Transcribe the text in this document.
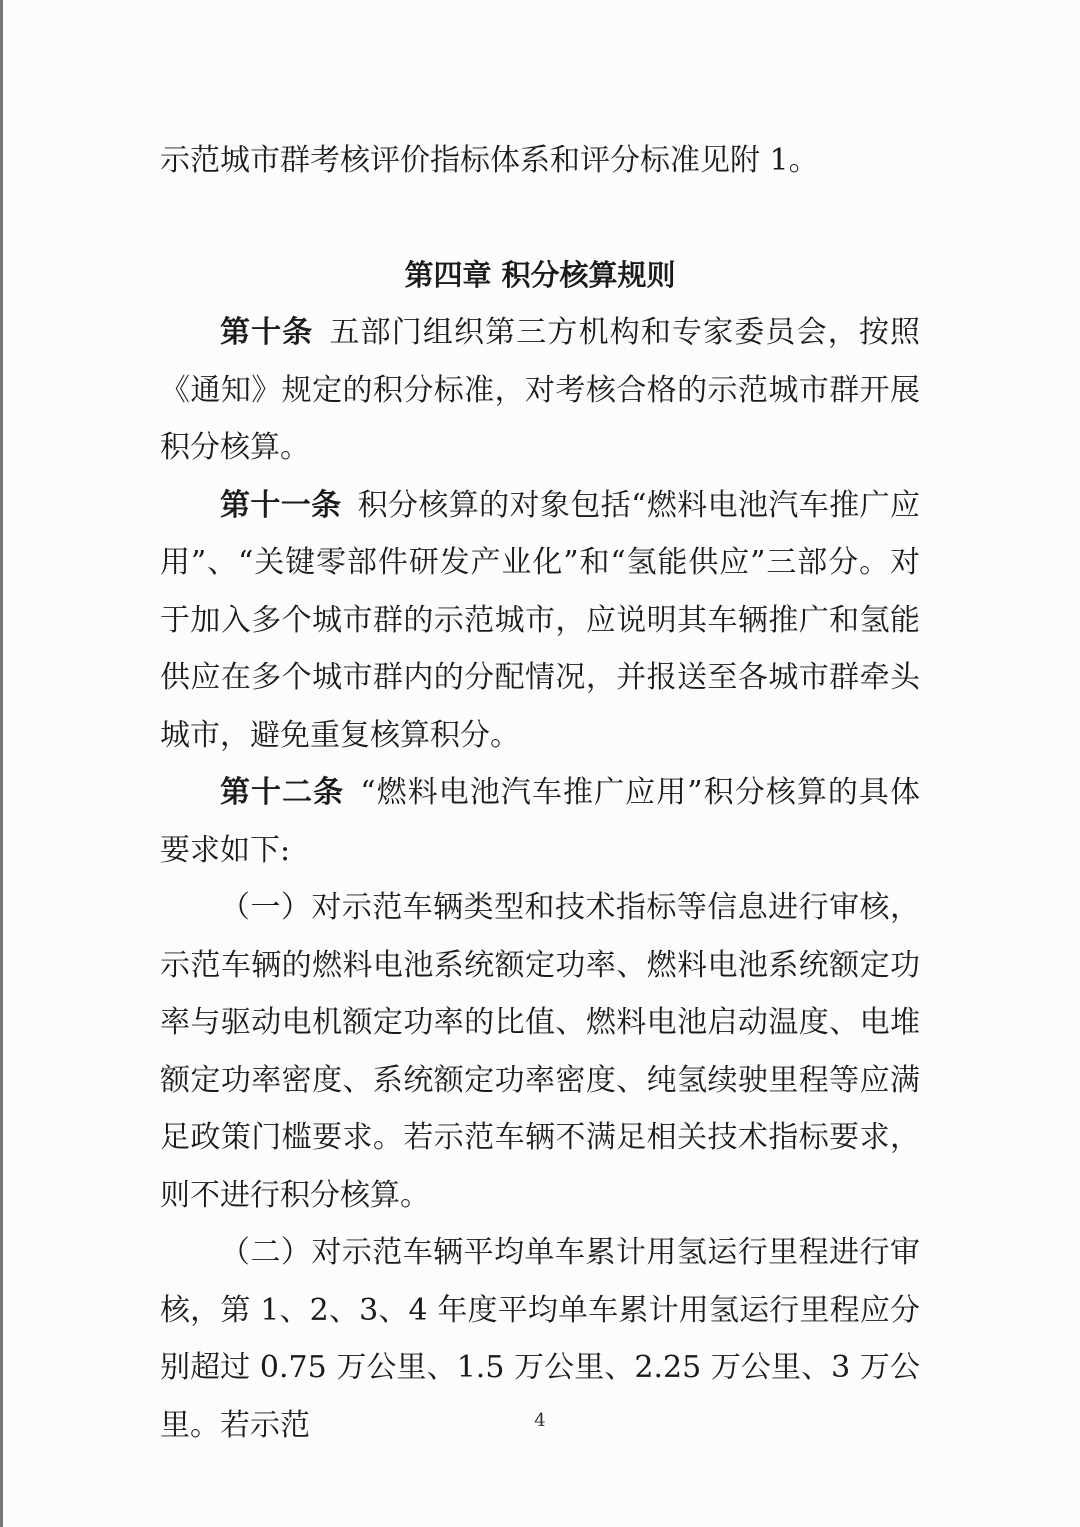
示范城市群考核评价指标体系和评分标准见附 1。

第四章 积分核算规则

第十条 五部门组织第三方机构和专家委员会，按照《通知》规定的积分标准，对考核合格的示范城市群开展积分核算。

第十一条 积分核算的对象包括“燃料电池汽车推广应用”、“关键零部件研发产业化”和“氢能供应”三部分。对于加入多个城市群的示范城市，应说明其车辆推广和氢能供应在多个城市群内的分配情况，并报送至各城市群牵头城市，避免重复核算积分。

第十二条 “燃料电池汽车推广应用”积分核算的具体要求如下:

（一）对示范车辆类型和技术指标等信息进行审核，示范车辆的燃料电池系统额定功率、燃料电池系统额定功率与驱动电机额定功率的比值、燃料电池启动温度、电堆额定功率密度、系统额定功率密度、纯氢续驶里程等应满足政策门槛要求。若示范车辆不满足相关技术指标要求，则不进行积分核算。

（二）对示范车辆平均单车累计用氢运行里程进行审核，第 1、2、3、4 年度平均单车累计用氢运行里程应分别超过 0.75 万公里、1.5 万公里、2.25 万公里、3 万公里。若示范	4
